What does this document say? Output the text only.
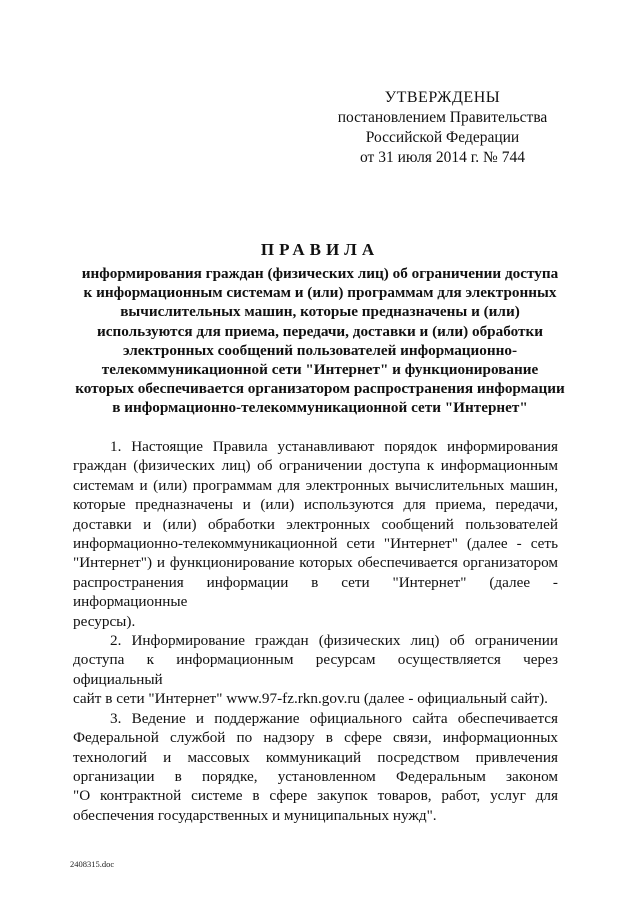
УТВЕРЖДЕНЫ
постановлением Правительства
Российской Федерации
от 31 июля 2014 г. № 744
ПРАВИЛА
информирования граждан (физических лиц) об ограничении доступа
к информационным системам и (или) программам для электронных
вычислительных машин, которые предназначены и (или)
используются для приема, передачи, доставки и (или) обработки
электронных сообщений пользователей информационно-
телекоммуникационной сети "Интернет" и функционирование
которых обеспечивается организатором распространения информации
в информационно-телекоммуникационной сети "Интернет"
1. Настоящие Правила устанавливают порядок информирования
граждан (физических лиц) об ограничении доступа к информационным
системам и (или) программам для электронных вычислительных машин,
которые предназначены и (или) используются для приема, передачи,
доставки и (или) обработки электронных сообщений пользователей
информационно-телекоммуникационной сети "Интернет" (далее - сеть
"Интернет") и функционирование которых обеспечивается организатором
распространения информации в сети "Интернет" (далее - информационные
ресурсы).
2. Информирование граждан (физических лиц) об ограничении
доступа к информационным ресурсам осуществляется через официальный
сайт в сети "Интернет" www.97-fz.rkn.gov.ru (далее - официальный сайт).
3. Ведение и поддержание официального сайта обеспечивается
Федеральной службой по надзору в сфере связи, информационных
технологий и массовых коммуникаций посредством привлечения
организации в порядке, установленном Федеральным законом
"О контрактной системе в сфере закупок товаров, работ, услуг для
обеспечения государственных и муниципальных нужд".
2408315.doc
